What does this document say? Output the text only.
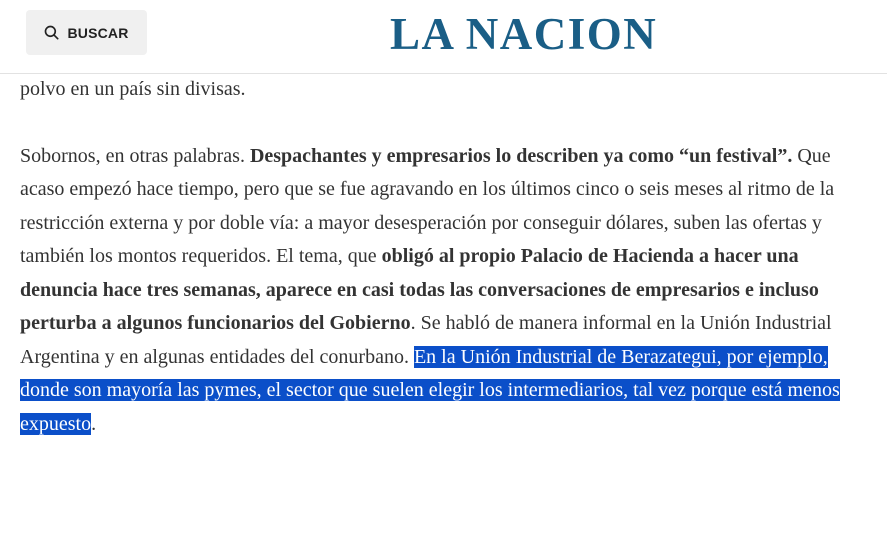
BUSCAR	LA NACION

polvo en un país sin divisas.

Sobornos, en otras palabras. Despachantes y empresarios lo describen ya como “un festival”. Que acaso empezó hace tiempo, pero que se fue agravando en los últimos cinco o seis meses al ritmo de la restricción externa y por doble vía: a mayor desesperación por conseguir dólares, suben las ofertas y también los montos requeridos. El tema, que obligó al propio Palacio de Hacienda a hacer una denuncia hace tres semanas, aparece en casi todas las conversaciones de empresarios e incluso perturba a algunos funcionarios del Gobierno. Se habló de manera informal en la Unión Industrial Argentina y en algunas entidades del conurbano. En la Unión Industrial de Berazategui, por ejemplo, donde son mayoría las pymes, el sector que suelen elegir los intermediarios, tal vez porque está menos expuesto.
